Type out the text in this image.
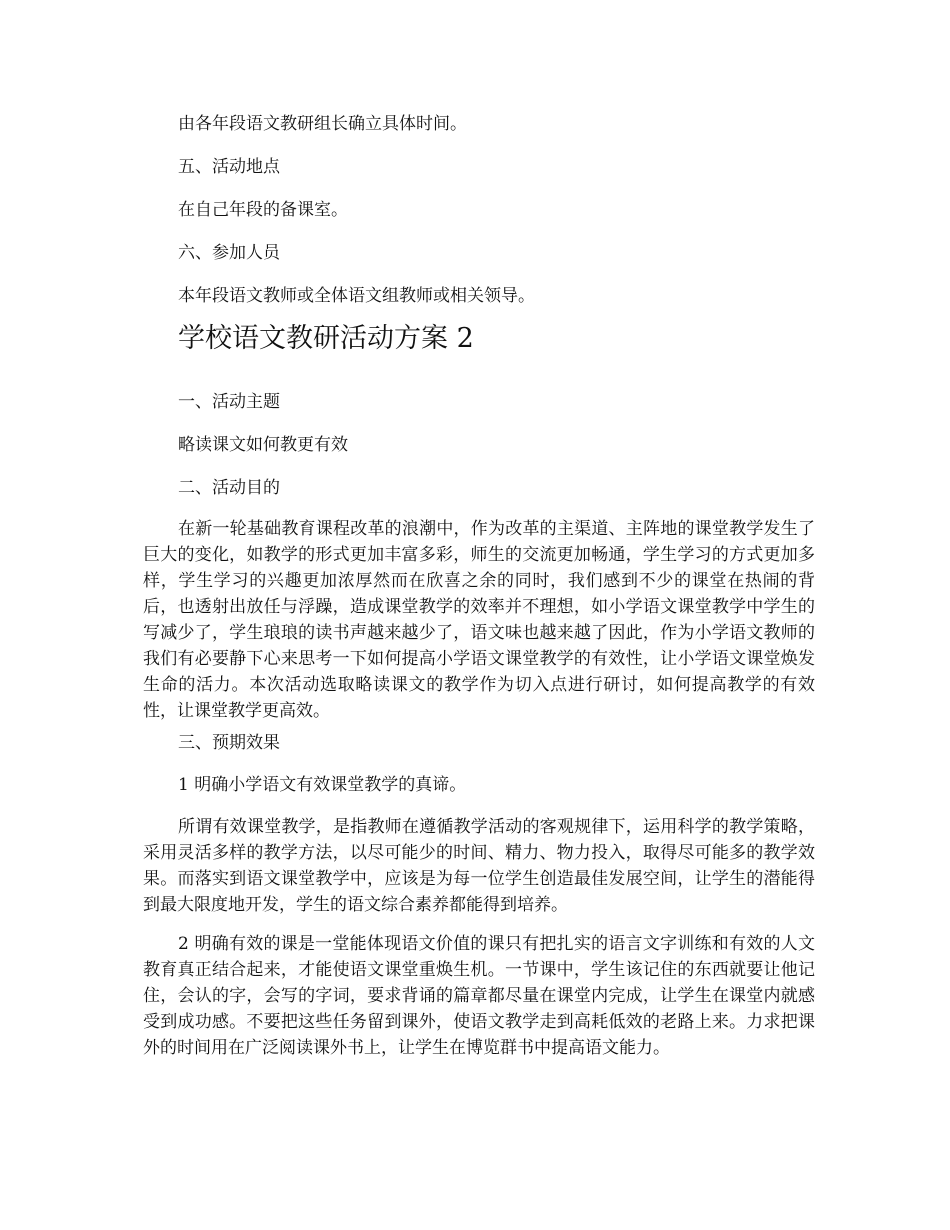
由各年段语文教研组长确立具体时间。

五、活动地点

在自己年段的备课室。

六、参加人员

本年段语文教师或全体语文组教师或相关领导。

学校语文教研活动方案 2

一、活动主题

略读课文如何教更有效

二、活动目的

在新一轮基础教育课程改革的浪潮中，作为改革的主渠道、主阵地的课堂教学发生了巨大的变化，如教学的形式更加丰富多彩，师生的交流更加畅通，学生学习的方式更加多样，学生学习的兴趣更加浓厚然而在欣喜之余的同时，我们感到不少的课堂在热闹的背后，也透射出放任与浮躁，造成课堂教学的效率并不理想，如小学语文课堂教学中学生的写减少了，学生琅琅的读书声越来越少了，语文味也越来越了因此，作为小学语文教师的我们有必要静下心来思考一下如何提高小学语文课堂教学的有效性，让小学语文课堂焕发生命的活力。本次活动选取略读课文的教学作为切入点进行研讨，如何提高教学的有效性，让课堂教学更高效。

三、预期效果

1 明确小学语文有效课堂教学的真谛。

所谓有效课堂教学，是指教师在遵循教学活动的客观规律下，运用科学的教学策略，采用灵活多样的教学方法，以尽可能少的时间、精力、物力投入，取得尽可能多的教学效果。而落实到语文课堂教学中，应该是为每一位学生创造最佳发展空间，让学生的潜能得到最大限度地开发，学生的语文综合素养都能得到培养。

2 明确有效的课是一堂能体现语文价值的课只有把扎实的语言文字训练和有效的人文教育真正结合起来，才能使语文课堂重焕生机。一节课中，学生该记住的东西就要让他记住，会认的字，会写的字词，要求背诵的篇章都尽量在课堂内完成，让学生在课堂内就感受到成功感。不要把这些任务留到课外，使语文教学走到高耗低效的老路上来。力求把课外的时间用在广泛阅读课外书上，让学生在博览群书中提高语文能力。
